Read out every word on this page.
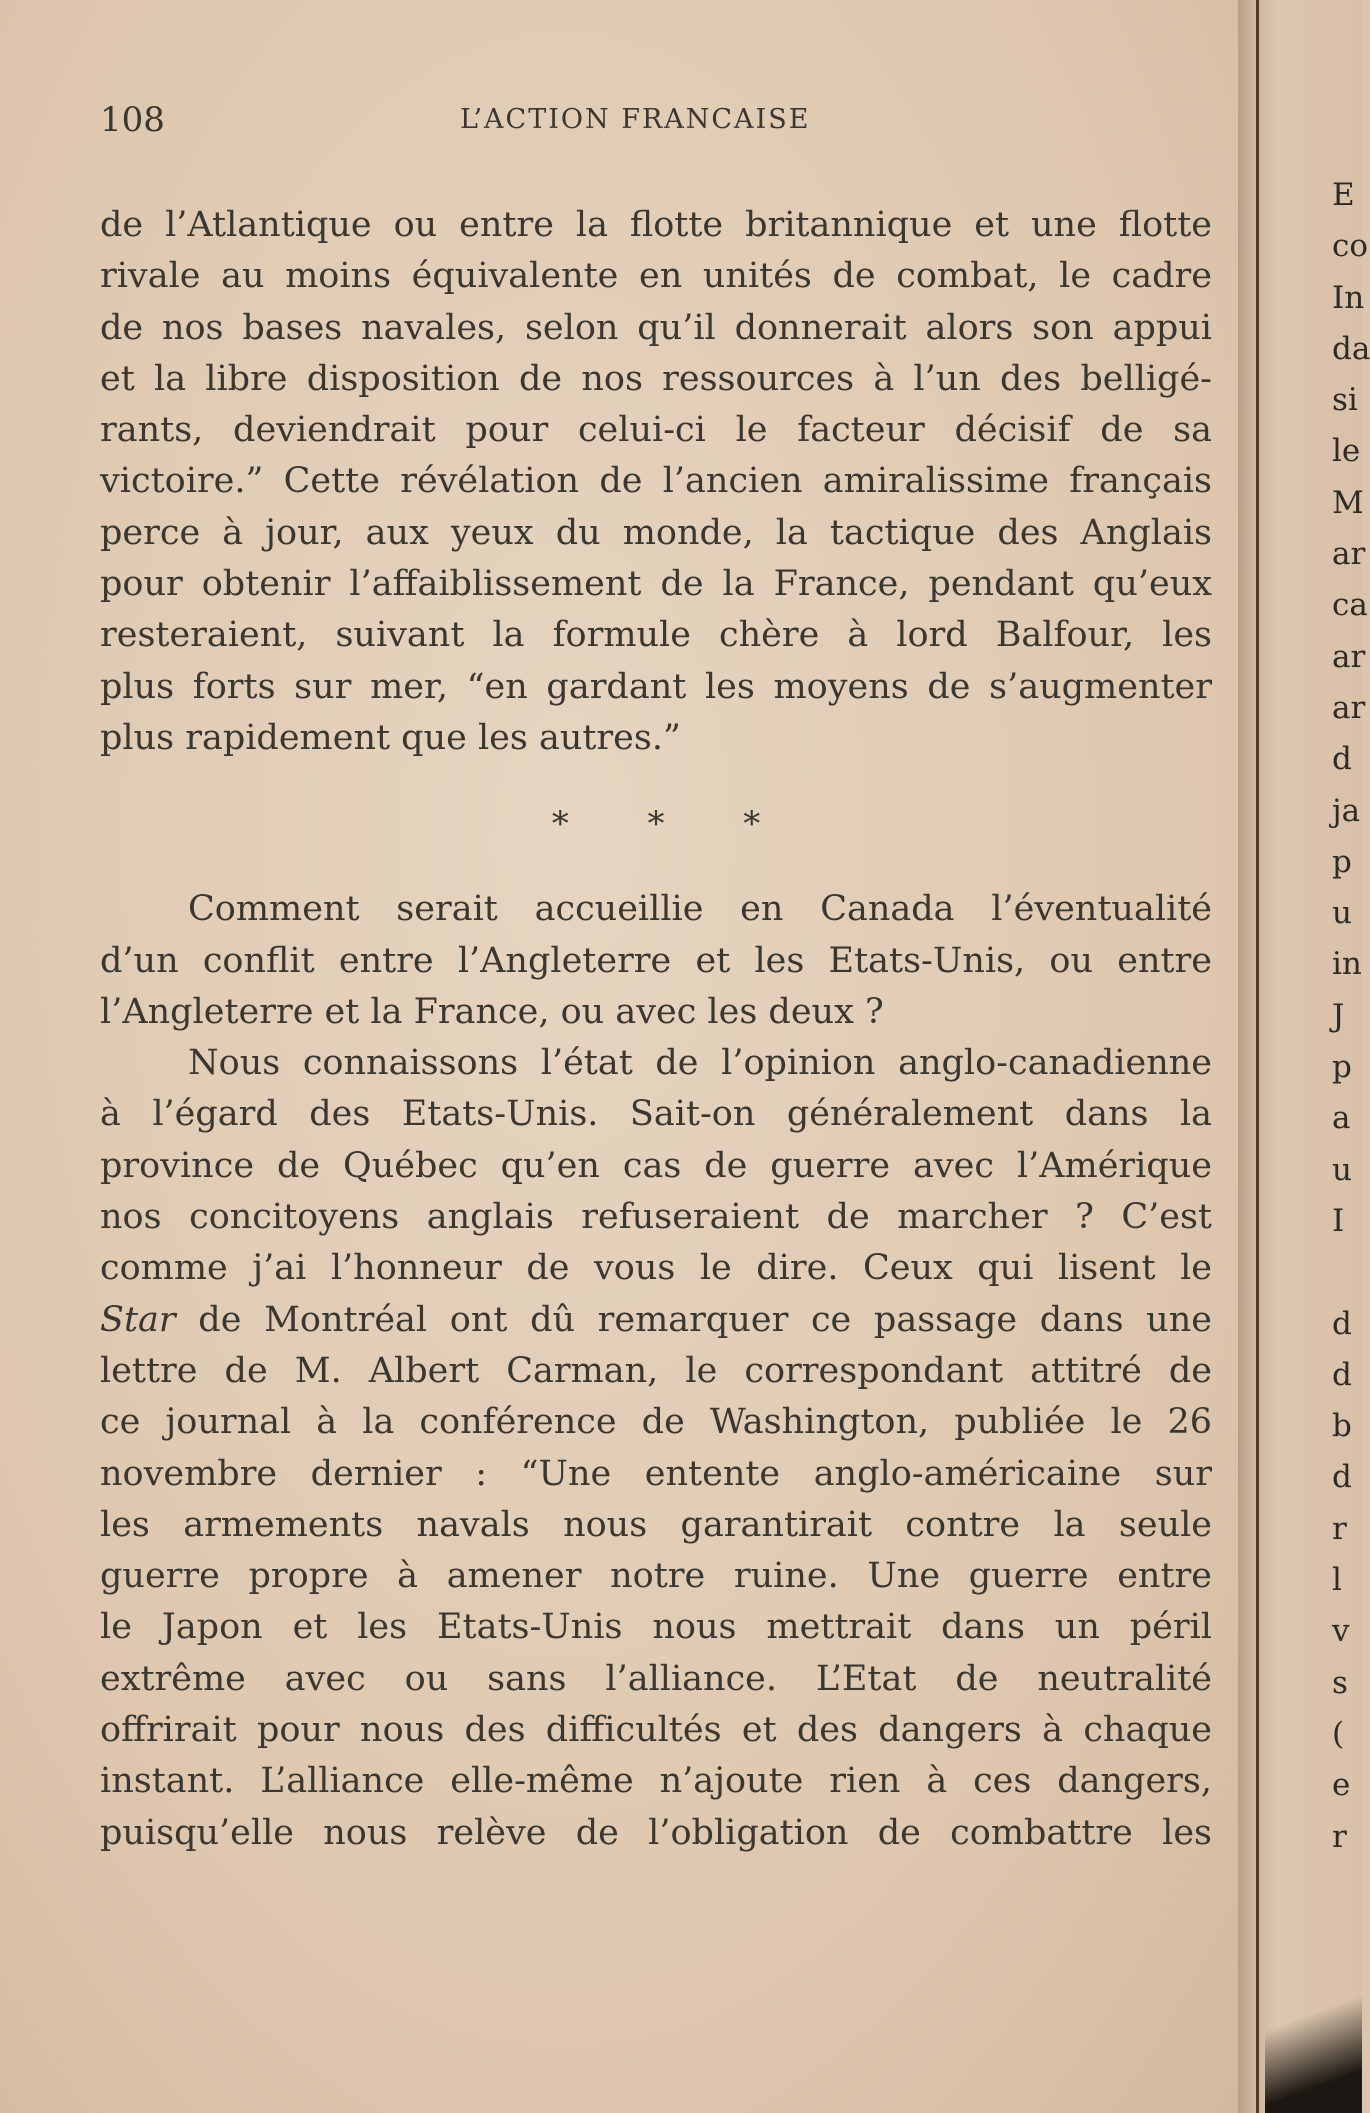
108	L’ACTION FRANCAISE
de l’Atlantique ou entre la flotte britannique et une flotte
rivale au moins équivalente en unités de combat, le cadre
de nos bases navales, selon qu’il donnerait alors son appui
et la libre disposition de nos ressources à l’un des belligé-
rants, deviendrait pour celui-ci le facteur décisif de sa
victoire.” Cette révélation de l’ancien amiralissime français
perce à jour, aux yeux du monde, la tactique des Anglais
pour obtenir l’affaiblissement de la France, pendant qu’eux
resteraient, suivant la formule chère à lord Balfour, les
plus forts sur mer, “en gardant les moyens de s’augmenter
plus rapidement que les autres.”
* * *
Comment serait accueillie en Canada l’éventualité
d’un conflit entre l’Angleterre et les Etats-Unis, ou entre
l’Angleterre et la France, ou avec les deux ?
Nous connaissons l’état de l’opinion anglo-canadienne
à l’égard des Etats-Unis. Sait-on généralement dans la
province de Québec qu’en cas de guerre avec l’Amérique
nos concitoyens anglais refuseraient de marcher ? C’est
comme j’ai l’honneur de vous le dire. Ceux qui lisent le
Star de Montréal ont dû remarquer ce passage dans une
lettre de M. Albert Carman, le correspondant attitré de
ce journal à la conférence de Washington, publiée le 26
novembre dernier : “Une entente anglo-américaine sur
les armements navals nous garantirait contre la seule
guerre propre à amener notre ruine. Une guerre entre
le Japon et les Etats-Unis nous mettrait dans un péril
extrême avec ou sans l’alliance. L’Etat de neutralité
offrirait pour nous des difficultés et des dangers à chaque
instant. L’alliance elle-même n’ajoute rien à ces dangers,
puisqu’elle nous relève de l’obligation de combattre les
E
co
In
da
si
le
M
ar
ca
ar
ar
d
ja
p
u
in
J
p
a
u
I
d
d
b
d
r
l
v
s
(
e
r
